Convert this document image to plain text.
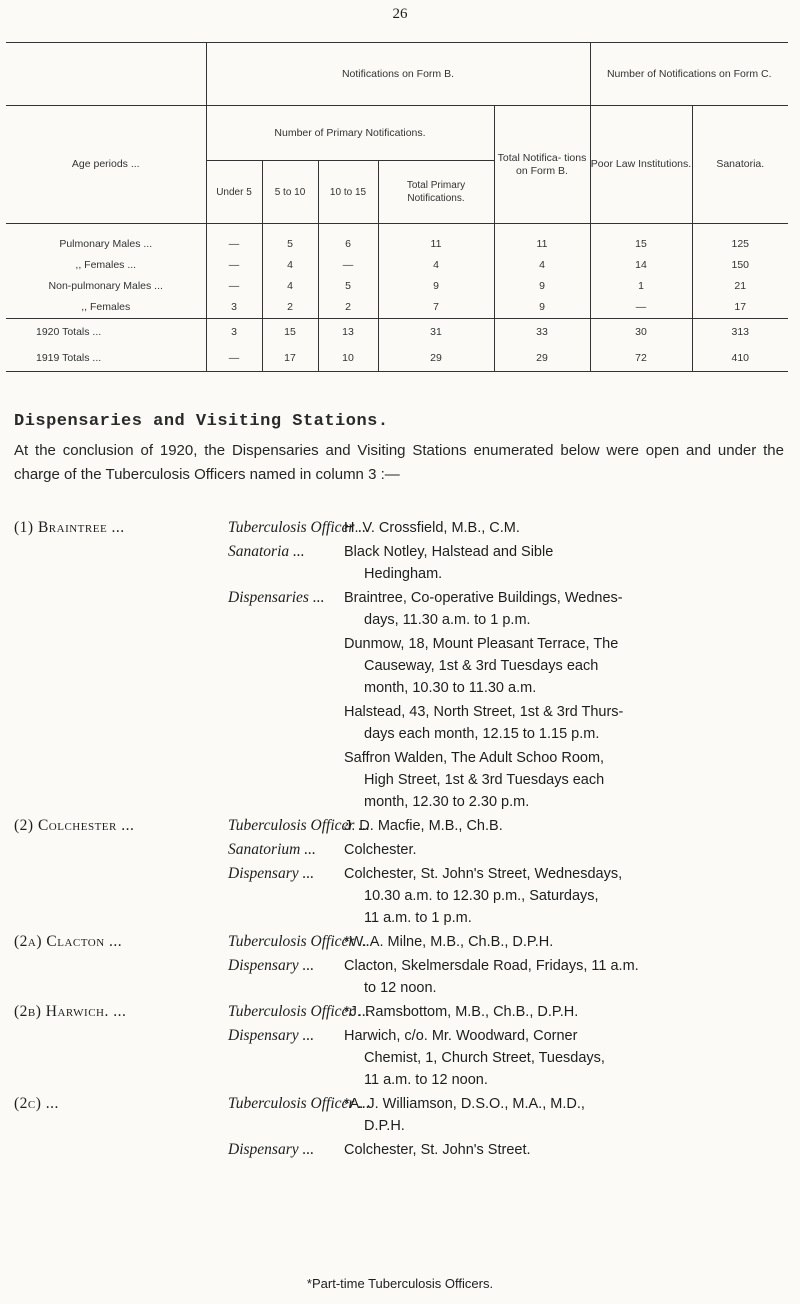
26
	Notifications on Form B.					Number of Notifications on Form C.	
Age periods ...	Number of Primary Notifications.				Total Notifica- tions on Form B.	Poor Law Institutions.	Sanatoria.
	Under 5	5 to 10	10 to 15	Total Primary Notifications.			
Pulmonary Males ...	—	5	6	11	11	15	125
,, Females ...	—	4	—	4	4	14	150
Non-pulmonary Males ...	—	4	5	9	9	1	21
,, Females	3	2	2	7	9	—	17
1920 Totals ...	3	15	13	31	33	30	313
1919 Totals ...	—	17	10	29	29	72	410
Dispensaries and Visiting Stations.
At the conclusion of 1920, the Dispensaries and Visiting Stations enumerated below were open and under the charge of the Tuberculosis Officers named in column 3 :—
(1) Braintree ...	Tuberculosis Officer ...
H. V. Crossfield, M.B., C.M.
Sanatoria ...	Black Notley, Halstead and Sible
Hedingham.
Dispensaries ... Braintree, Co-operative Buildings, Wednes-
days, 11.30 a.m. to 1 p.m.
Dunmow, 18, Mount Pleasant Terrace, The
Causeway, 1st & 3rd Tuesdays each
month, 10.30 to 11.30 a.m.
Halstead, 43, North Street, 1st & 3rd Thurs-
days each month, 12.15 to 1.15 p.m.
Saffron Walden, The Adult Schoo Room,
High Street, 1st & 3rd Tuesdays each
month, 12.30 to 2.30 p.m.
(2) Colchester ...	Tuberculosis Officer ...
J. D. Macfie, M.B., Ch.B.
Sanatorium ... Colchester.
Dispensary ... Colchester, St. John's Street, Wednesdays,
10.30 a.m. to 12.30 p.m., Saturdays,
11 a.m. to 1 p.m.
(2a) Clacton ...	Tuberculosis Officer ...
*W. A. Milne, M.B., Ch.B., D.P.H.
Dispensary ... Clacton, Skelmersdale Road, Fridays, 11 a.m.
to 12 noon.
(2b) Harwich. ...	Tuberculosis Officer ...
*J. Ramsbottom, M.B., Ch.B., D.P.H.
Dispensary ... Harwich, c/o. Mr. Woodward, Corner
Chemist, 1, Church Street, Tuesdays,
11 a.m. to 12 noon.
(2c) ...	Tuberculosis Officer ...
*A. J. Williamson, D.S.O., M.A., M.D.,
D.P.H.
Dispensary ... Colchester, St. John's Street.
*Part-time Tuberculosis Officers.
